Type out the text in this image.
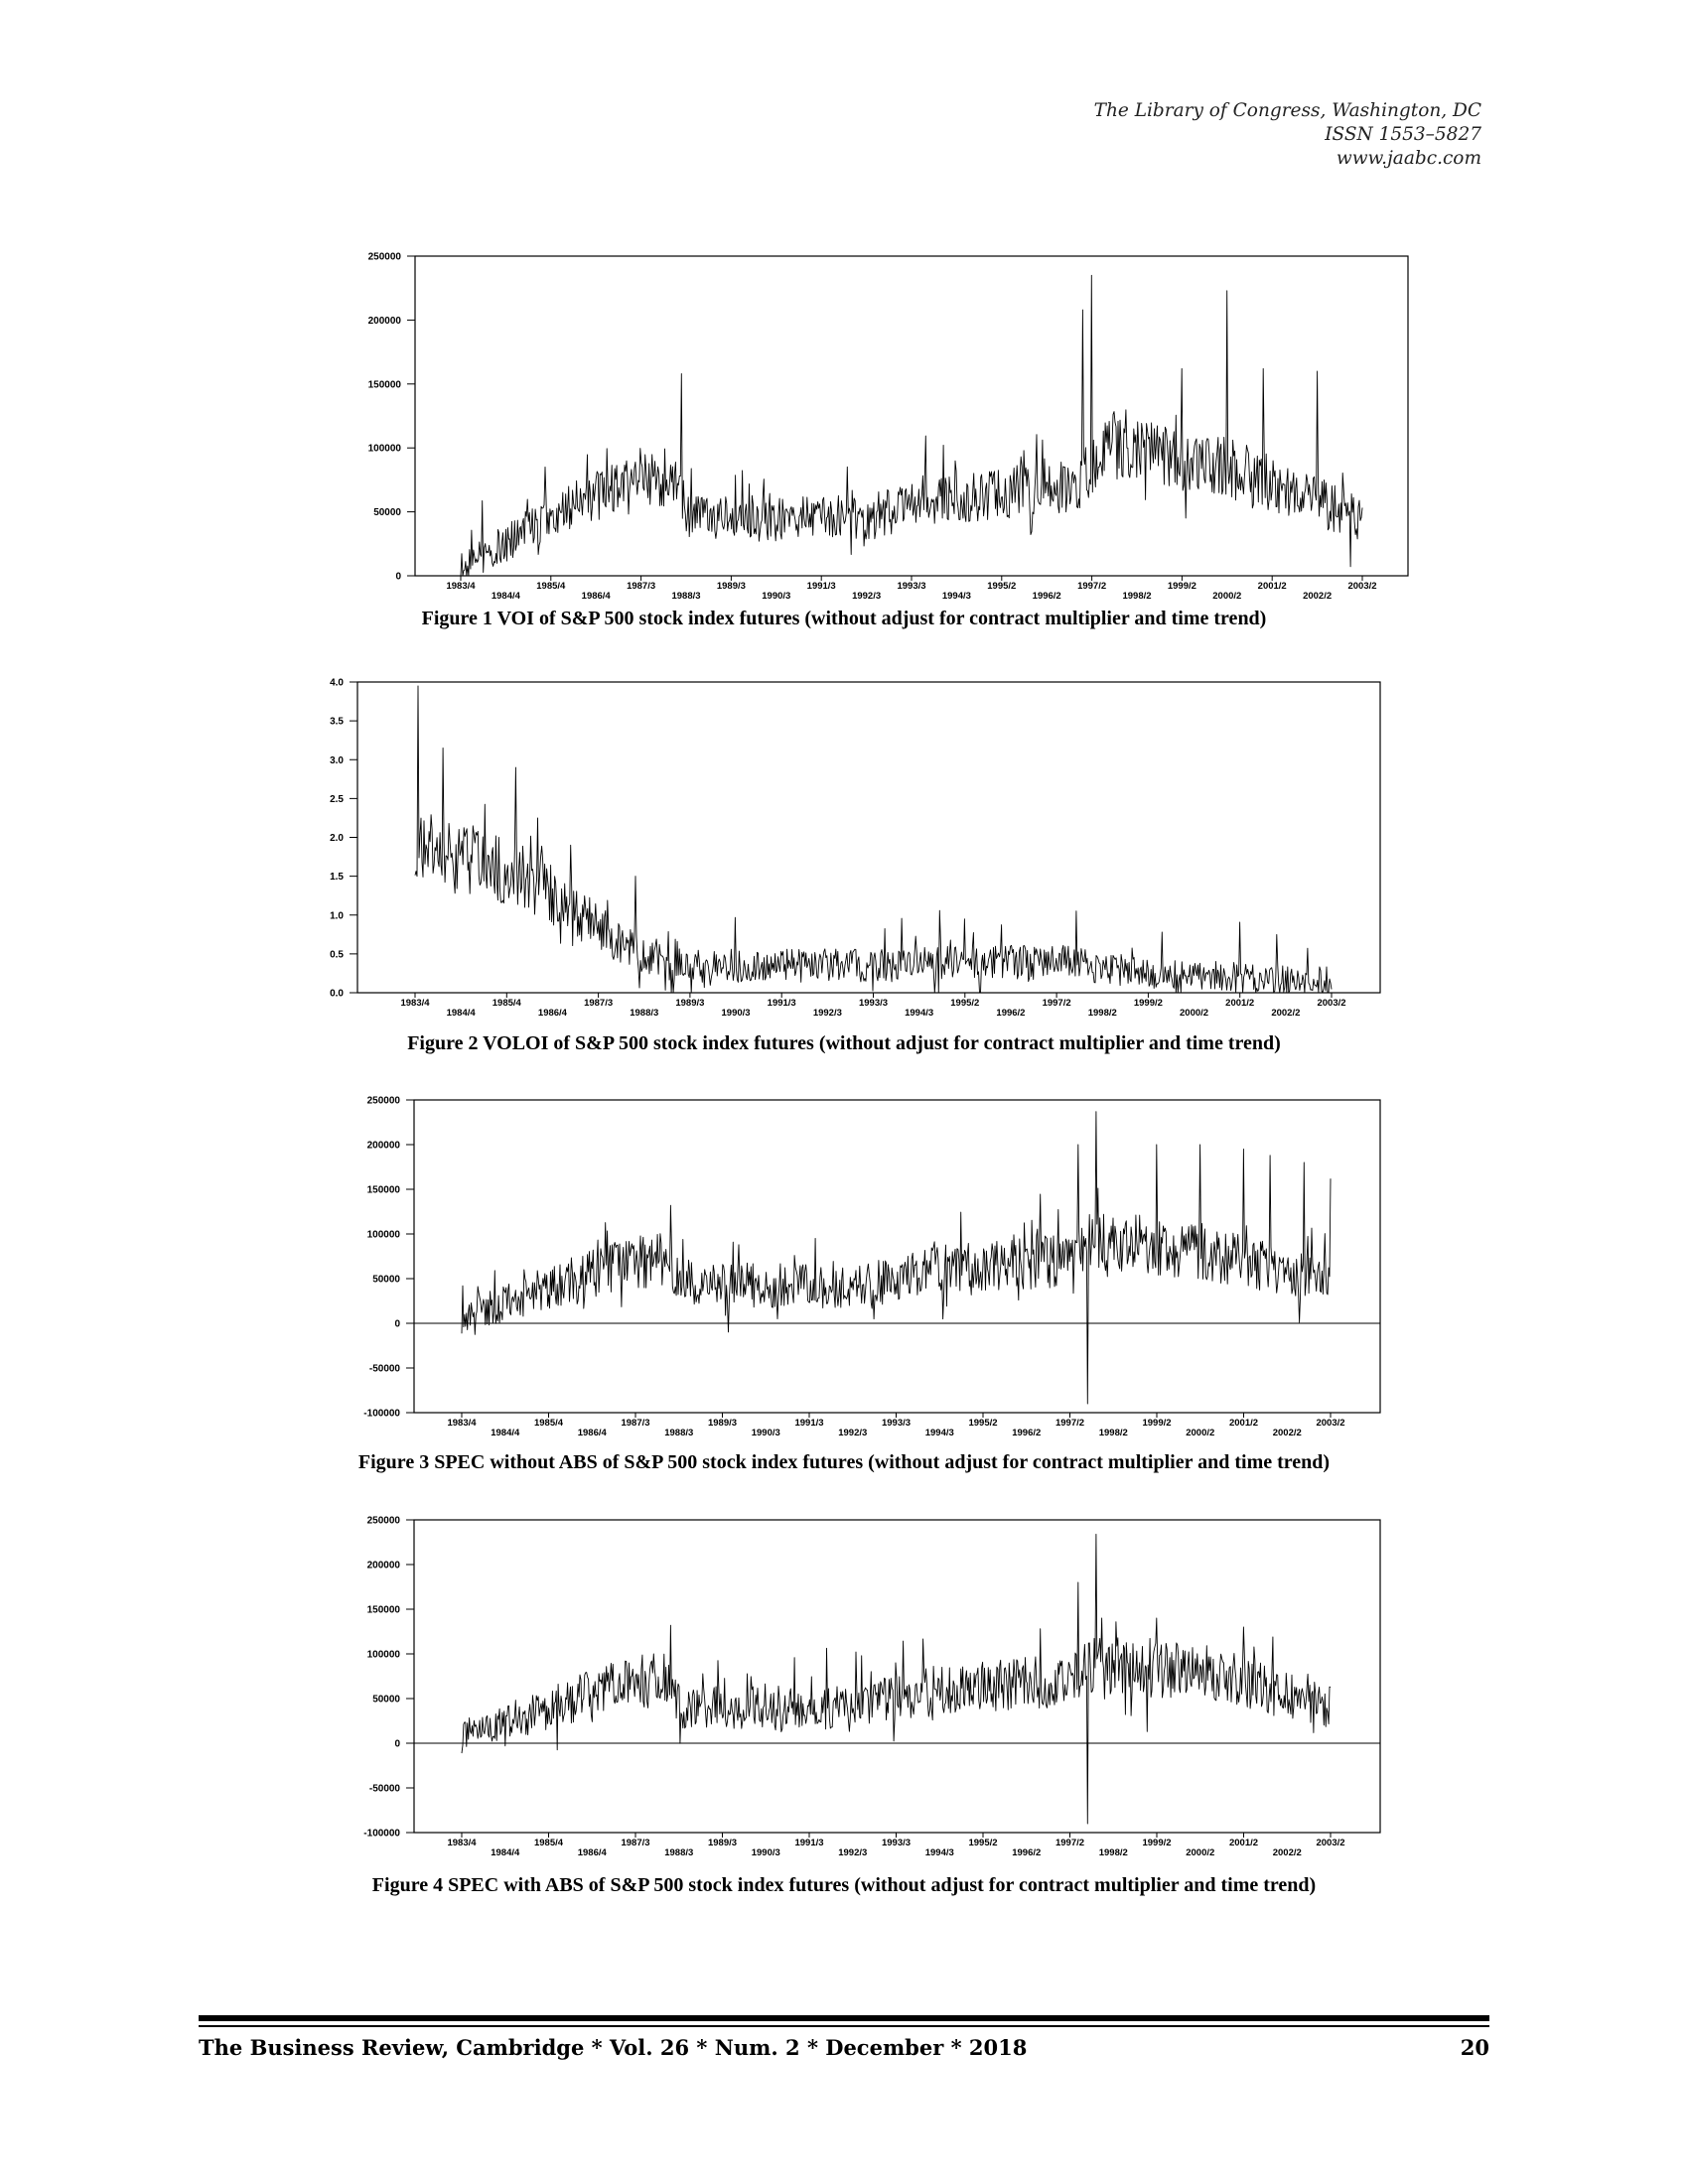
The Library of Congress, Washington, DC
ISSN 1553–5827
www.jaabc.com
250000
200000
150000
100000
50000
0
1983/4	1985/4	1987/3	1989/3	1991/3	1993/3	1995/2	1997/2	1999/2	2001/2	2003/2
1984/4	1986/4	1988/3	1990/3	1992/3	1994/3	1996/2	1998/2	2000/2	2002/2
Figure 1 VOI of S&P 500 stock index futures (without adjust for contract multiplier and time trend)
4.0
3.5
3.0
2.5
2.0
1.5
1.0
0.5
0.0
1983/4	1985/4	1987/3	1989/3	1991/3	1993/3	1995/2	1997/2	1999/2	2001/2	2003/2
1984/4	1986/4	1988/3	1990/3	1992/3	1994/3	1996/2	1998/2	2000/2	2002/2
Figure 2 VOLOI of S&P 500 stock index futures (without adjust for contract multiplier and time trend)
250000
200000
150000
100000
50000
0
-50000
-100000
1983/4	1985/4	1987/3	1989/3	1991/3	1993/3	1995/2	1997/2	1999/2	2001/2	2003/2
1984/4	1986/4	1988/3	1990/3	1992/3	1994/3	1996/2	1998/2	2000/2	2002/2
Figure 3 SPEC without ABS of S&P 500 stock index futures (without adjust for contract multiplier and time trend)
250000
200000
150000
100000
50000
0
-50000
-100000
1983/4	1985/4	1987/3	1989/3	1991/3	1993/3	1995/2	1997/2	1999/2	2001/2	2003/2
1984/4	1986/4	1988/3	1990/3	1992/3	1994/3	1996/2	1998/2	2000/2	2002/2
Figure 4 SPEC with ABS of S&P 500 stock index futures (without adjust for contract multiplier and time trend)
The Business Review, Cambridge * Vol. 26 * Num. 2 * December * 2018	20
